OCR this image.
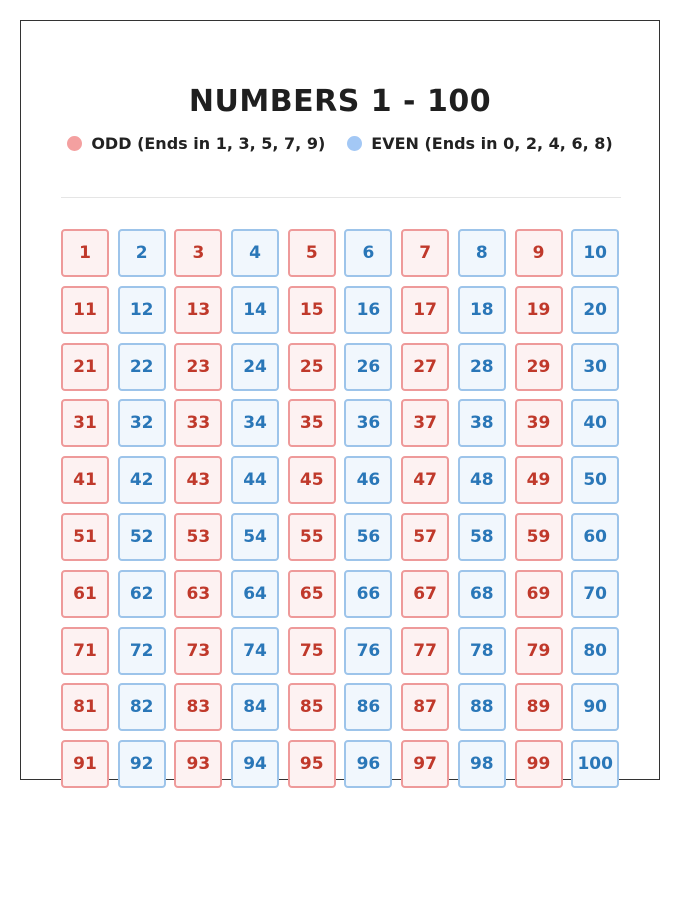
NUMBERS 1 - 100
ODD (Ends in 1, 3, 5, 7, 9)	EVEN (Ends in 0, 2, 4, 6, 8)
1	2	3	4	5	6	7	8	9	10
11	12	13	14	15	16	17	18	19	20
21	22	23	24	25	26	27	28	29	30
31	32	33	34	35	36	37	38	39	40
41	42	43	44	45	46	47	48	49	50
51	52	53	54	55	56	57	58	59	60
61	62	63	64	65	66	67	68	69	70
71	72	73	74	75	76	77	78	79	80
81	82	83	84	85	86	87	88	89	90
91	92	93	94	95	96	97	98	99	100
